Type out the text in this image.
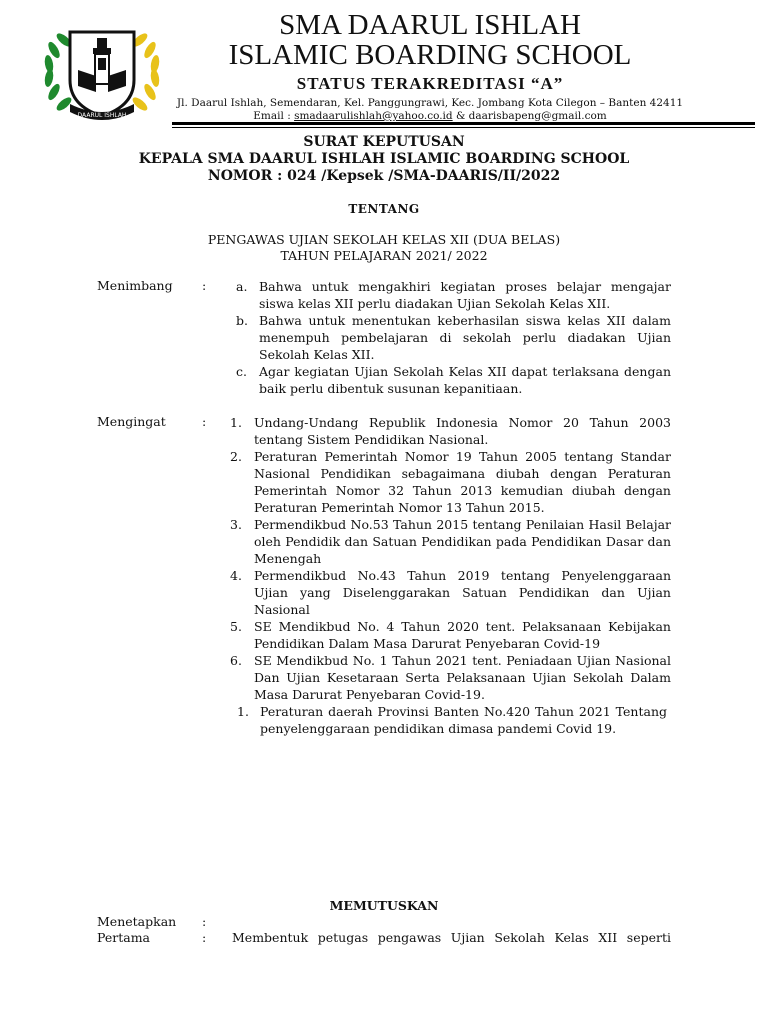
DAARUL ISHLAH
SMA DAARUL ISHLAH
ISLAMIC BOARDING SCHOOL
STATUS TERAKREDITASI “A”
Jl. Daarul Ishlah, Semendaran, Kel. Panggungrawi, Kec. Jombang Kota Cilegon – Banten 42411
Email : smadaarulishlah@yahoo.co.id & daarisbapeng@gmail.com
SURAT KEPUTUSAN
KEPALA SMA DAARUL ISHLAH ISLAMIC BOARDING SCHOOL
NOMOR : 024 /Kepsek /SMA-DAARIS/II/2022
TENTANG
PENGAWAS UJIAN SEKOLAH KELAS XII (DUA BELAS)
TAHUN PELAJARAN 2021/ 2022
Menimbang : a. Bahwa untuk mengakhiri kegiatan proses belajar mengajar siswa kelas XII perlu diadakan Ujian Sekolah Kelas XII.
b. Bahwa untuk menentukan keberhasilan siswa kelas XII dalam menempuh pembelajaran di sekolah perlu diadakan Ujian Sekolah Kelas XII.
c. Agar kegiatan Ujian Sekolah Kelas XII dapat terlaksana dengan baik perlu dibentuk susunan kepanitiaan.
Mengingat	: 1. Undang-Undang Republik Indonesia Nomor 20 Tahun 2003 tentang Sistem Pendidikan Nasional.
2. Peraturan Pemerintah Nomor 19 Tahun 2005 tentang Standar Nasional Pendidikan sebagaimana diubah dengan Peraturan Pemerintah Nomor 32 Tahun 2013 kemudian diubah dengan Peraturan Pemerintah Nomor 13 Tahun 2015.
3. Permendikbud No.53 Tahun 2015 tentang Penilaian Hasil Belajar oleh Pendidik dan Satuan Pendidikan pada Pendidikan Dasar dan Menengah
4. Permendikbud No.43 Tahun 2019 tentang Penyelenggaraan Ujian yang Diselenggarakan Satuan Pendidikan dan Ujian Nasional
5. SE Mendikbud No. 4 Tahun 2020 tent. Pelaksanaan Kebijakan Pendidikan Dalam Masa Darurat Penyebaran Covid-19
6. SE Mendikbud No. 1 Tahun 2021 tent. Peniadaan Ujian Nasional Dan Ujian Kesetaraan Serta Pelaksanaan Ujian Sekolah Dalam Masa Darurat Penyebaran Covid-19.
1. Peraturan daerah Provinsi Banten No.420 Tahun 2021 Tentang penyelenggaraan pendidikan dimasa pandemi Covid 19.
MEMUTUSKAN
Menetapkan :
Pertama	: Membentuk petugas pengawas Ujian Sekolah Kelas XII seperti
